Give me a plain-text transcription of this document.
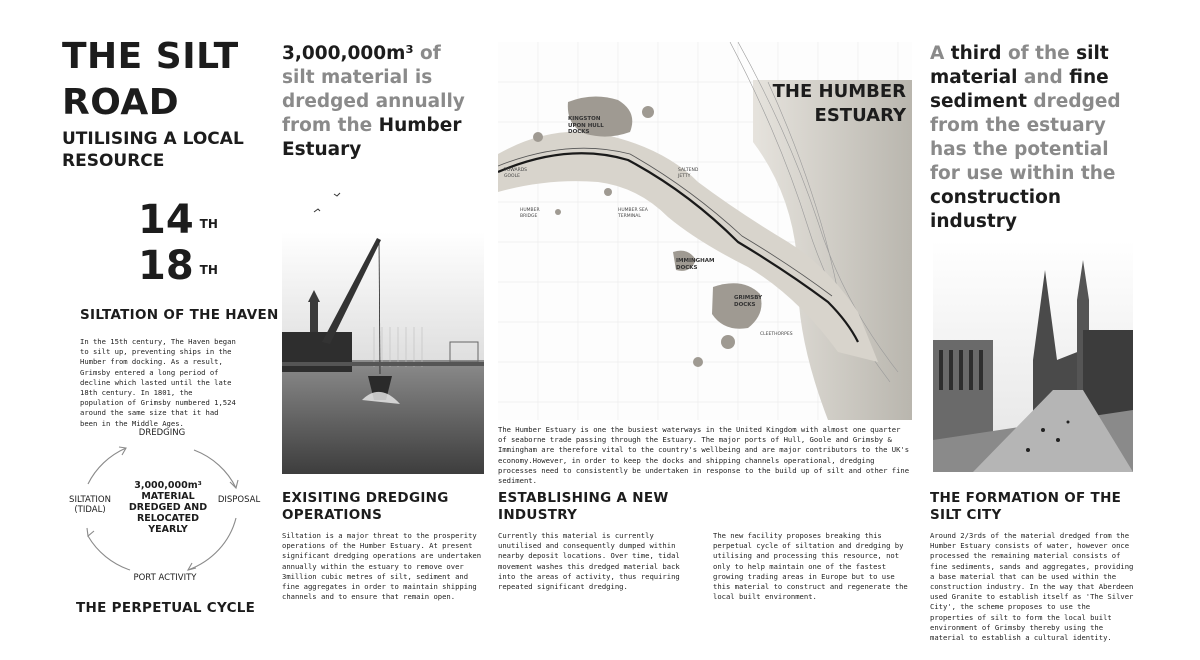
THE SILT
ROAD
UTILISING A LOCAL
RESOURCE
14 $^{TH}$
18 $^{TH}$
SILTATION OF THE HAVEN
In the 15th century, The Haven began to silt up, preventing ships in the Humber from docking. As a result, Grimsby entered a long period of decline which lasted until the late 18th century. In 1801, the population of Grimsby numbered 1,524 around the same size that it had been in the Middle Ages.
DREDGING
DISPOSAL
PORT ACTIVITY
SILTATION
(TIDAL)
3,000,000m³
MATERIAL
DREDGED AND
RELOCATED
YEARLY
THE PERPETUAL CYCLE
3,000,000m³ of silt material is dredged annually from the Humber Estuary
EXISITING DREDGING
OPERATIONS
Siltation is a major threat to the prosperity operations of the Humber Estuary. At present significant dredging operations are undertaken annually within the estuary to remove over 3million cubic metres of silt, sediment and fine aggregates in order to maintain shipping channels and to ensure that remain open.
THE HUMBER
ESTUARY
KINGSTON
UPON HULL
DOCKS
TOWARDS
GOOLE
SALTEND
JETTY
HUMBER
BRIDGE
HUMBER SEA
TERMINAL
IMMINGHAM
DOCKS
GRIMSBY
DOCKS
CLEETHORPES
The Humber Estuary is one the busiest waterways in the United Kingdom with almost one quarter of seaborne trade passing through the Estuary. The major ports of Hull, Goole and Grimsby & Immingham are therefore vital to the country's wellbeing and are major contributors to the UK's economy.However, in order to keep the docks and shipping channels operational, dredging processes need to consistently be undertaken in response to the build up of silt and other fine sediment.
ESTABLISHING A NEW
INDUSTRY
Currently this material is currently unutilised and consequently dumped within nearby deposit locations. Over time, tidal movement washes this dredged material back into the areas of activity, thus requiring repeated significant dredging.
The new facility proposes breaking this perpetual cycle of siltation and dredging by utilising and processing this resource, not only to help maintain one of the fastest growing trading areas in Europe but to use this material to construct and regenerate the local built environment.
A third of the silt material and fine sediment dredged from the estuary has the potential for use within the construction industry
THE FORMATION OF THE
SILT CITY
Around 2/3rds of the material dredged from the Humber Estuary consists of water, however once processed the remaining material consists of fine sediments, sands and aggregates, providing a base material that can be used within the construction industry. In the way that Aberdeen used Granite to establish itself as 'The Silver City', the scheme proposes to use the properties of silt to form the local built environment of Grimsby thereby using the material to establish a cultural identity.
